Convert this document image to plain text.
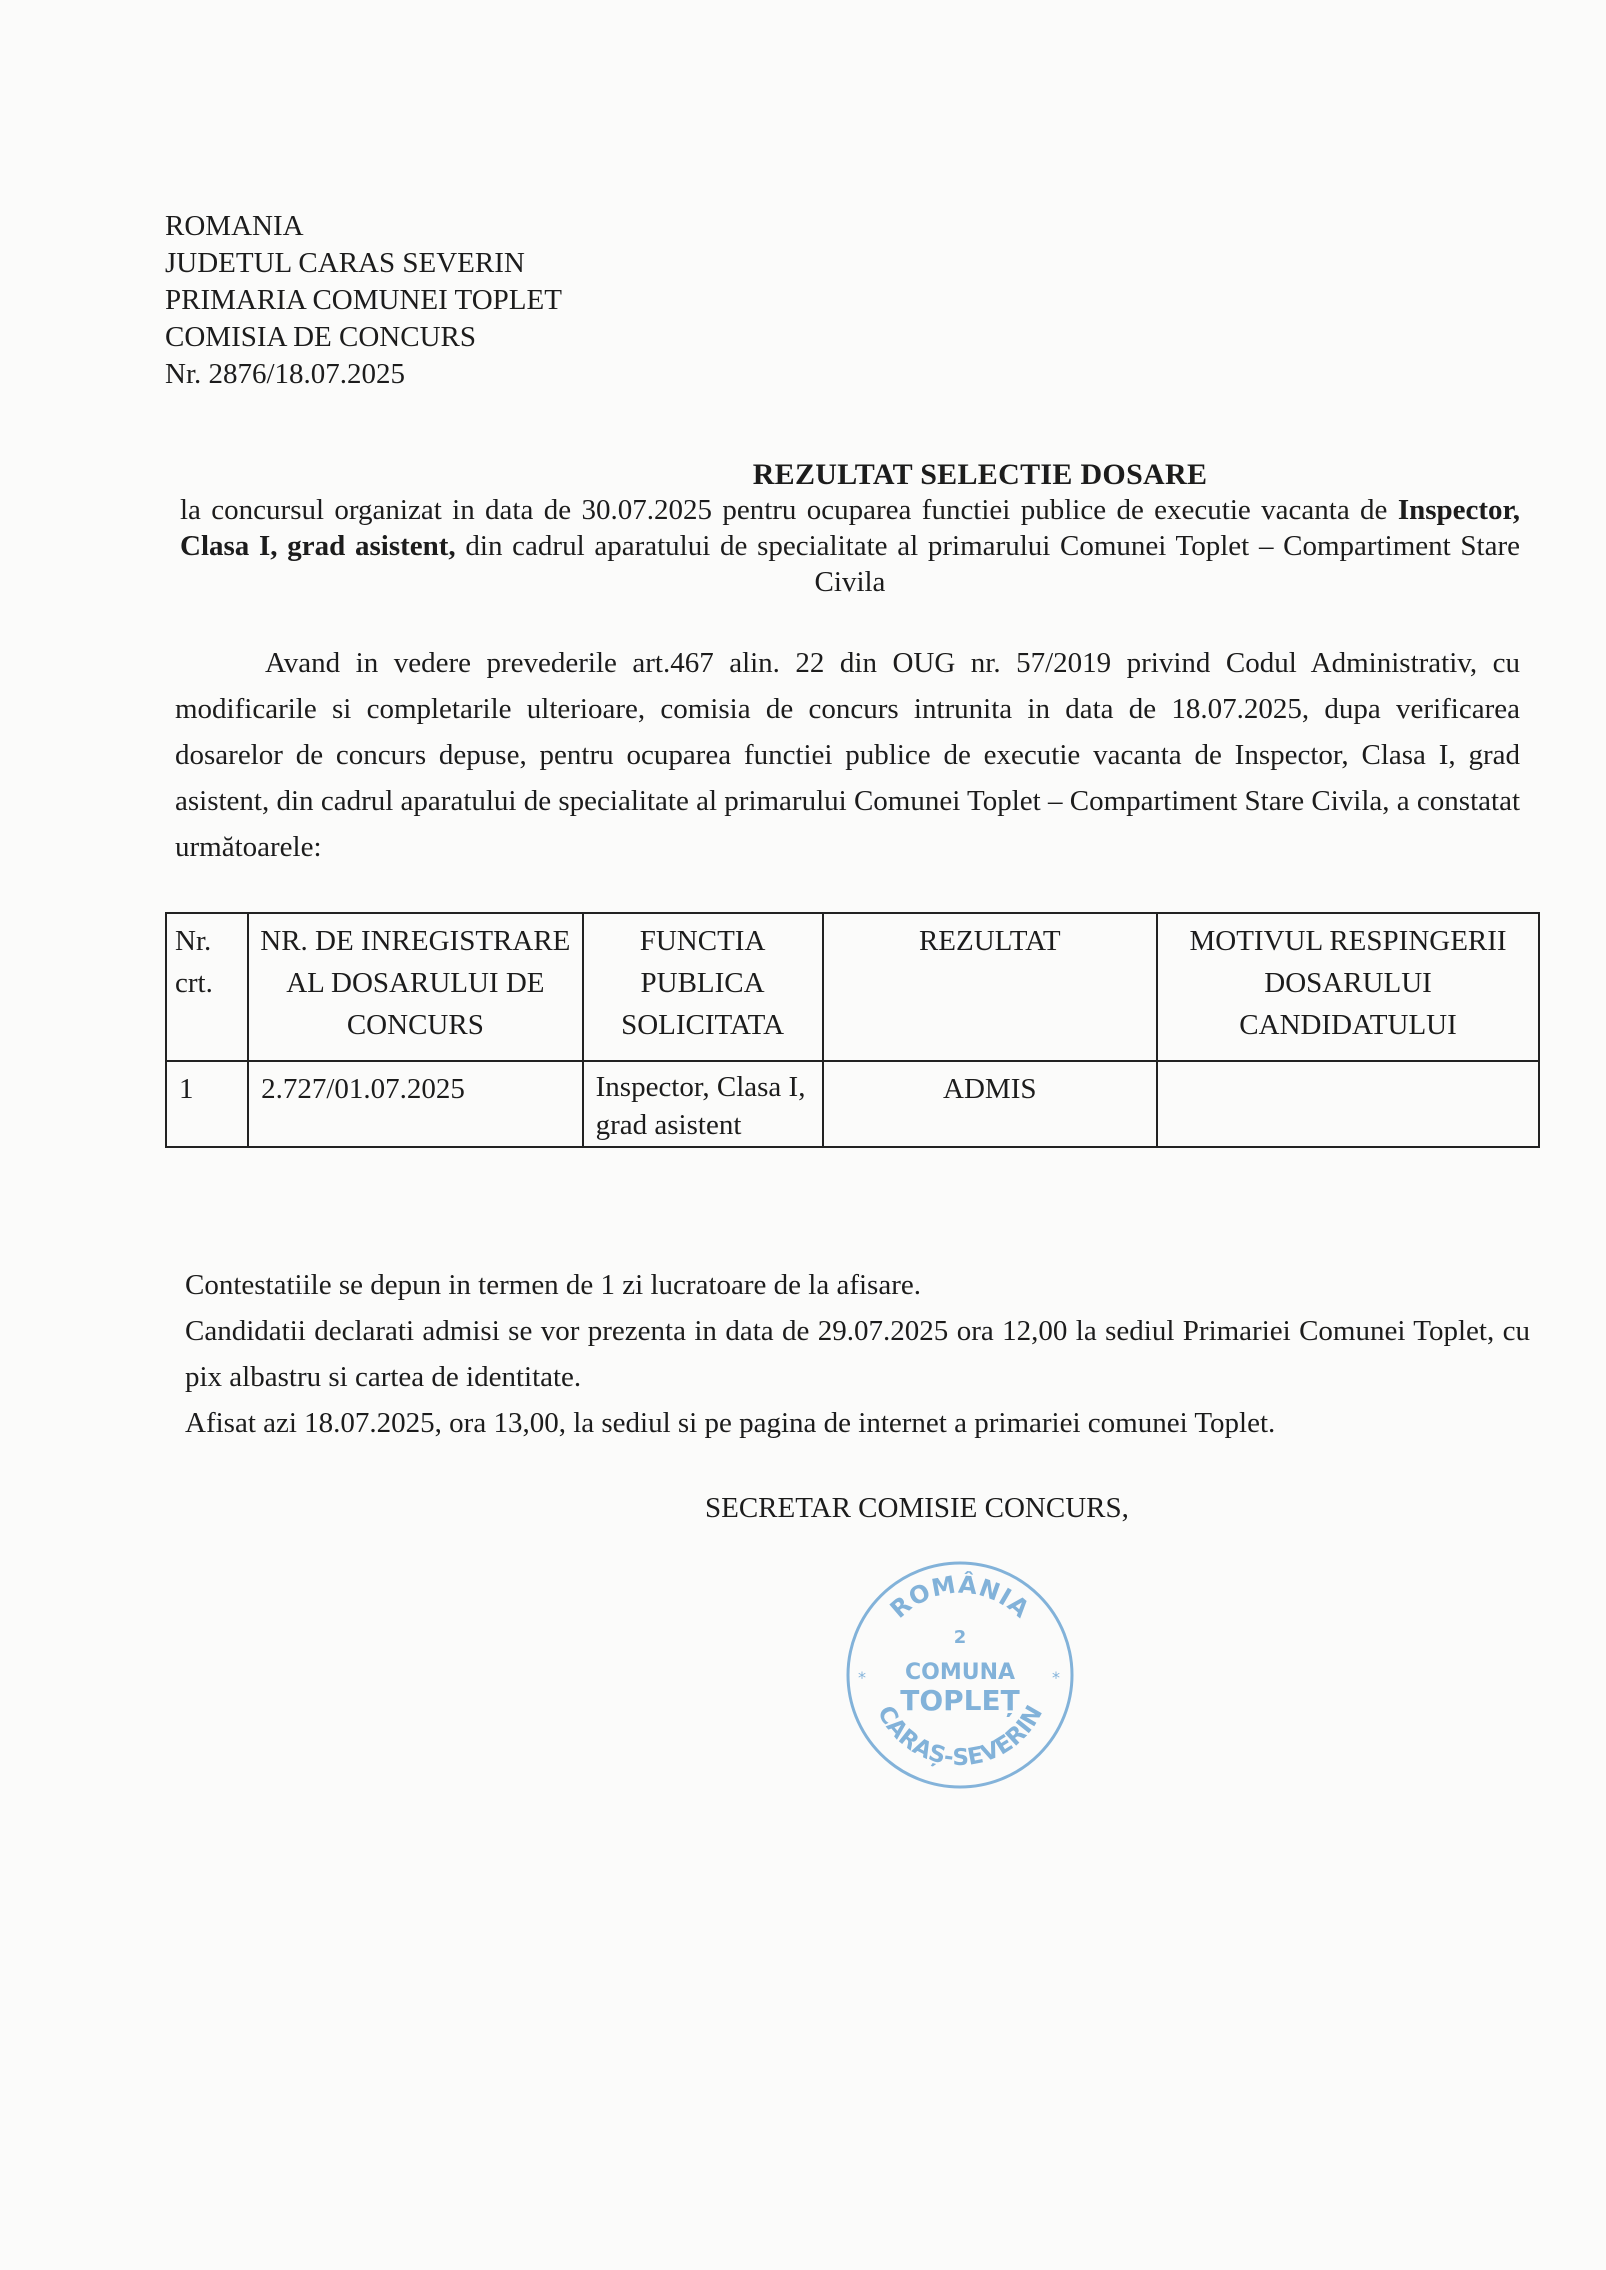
ROMANIA
JUDETUL CARAS SEVERIN
PRIMARIA COMUNEI TOPLET
COMISIA DE CONCURS
Nr. 2876/18.07.2025
REZULTAT SELECTIE DOSARE
la concursul organizat in data de 30.07.2025 pentru ocuparea functiei publice de executie vacanta de Inspector, Clasa I, grad asistent, din cadrul aparatului de specialitate al primarului Comunei Toplet – Compartiment Stare Civila
Avand in vedere prevederile art.467 alin. 22 din OUG nr. 57/2019 privind Codul Administrativ, cu modificarile si completarile ulterioare, comisia de concurs intrunita in data de 18.07.2025, dupa verificarea dosarelor de concurs depuse, pentru ocuparea functiei publice de executie vacanta de Inspector, Clasa I, grad asistent, din cadrul aparatului de specialitate al primarului Comunei Toplet – Compartiment Stare Civila, a constatat următoarele:
Nr. crt.	NR. DE INREGISTRARE AL DOSARULUI DE CONCURS	FUNCTIA PUBLICA SOLICITATA	REZULTAT	MOTIVUL RESPINGERII DOSARULUI CANDIDATULUI
1	2.727/01.07.2025	Inspector, Clasa I, grad asistent	ADMIS	
Contestatiile se depun in termen de 1 zi lucratoare de la afisare.
Candidatii declarati admisi se vor prezenta in data de 29.07.2025 ora 12,00 la sediul Primariei Comunei Toplet, cu pix albastru si cartea de identitate.
Afisat azi 18.07.2025, ora 13,00, la sediul si pe pagina de internet a primariei comunei Toplet.
SECRETAR COMISIE CONCURS,
ROMÂNIA
2
COMUNA
TOPLEȚ
CARAȘ-SEVERIN
*	*
